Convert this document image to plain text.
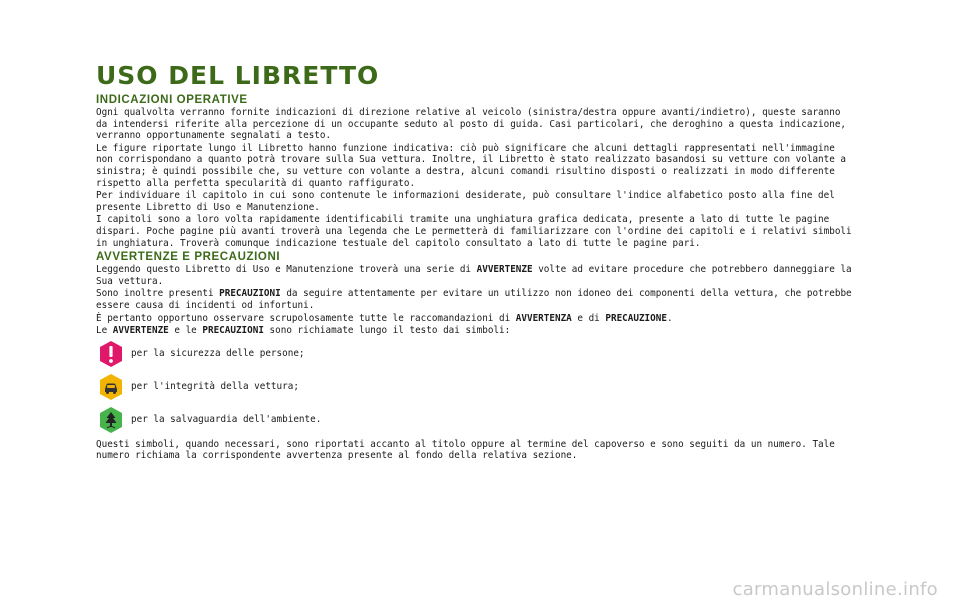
USO DEL LIBRETTO
INDICAZIONI OPERATIVE

Ogni qualvolta verranno fornite indicazioni di direzione relative al veicolo (sinistra/destra oppure avanti/indietro), queste saranno da intendersi riferite alla percezione di un occupante seduto al posto di guida. Casi particolari, che deroghino a questa indicazione, verranno opportunamente segnalati a testo.

Le figure riportate lungo il Libretto hanno funzione indicativa: ciò può significare che alcuni dettagli rappresentati nell'immagine non corrispondano a quanto potrà trovare sulla Sua vettura. Inoltre, il Libretto è stato realizzato basandosi su vetture con volante a sinistra; è quindi possibile che, su vetture con volante a destra, alcuni comandi risultino disposti o realizzati in modo differente rispetto alla perfetta specularità di quanto raffigurato.

Per individuare il capitolo in cui sono contenute le informazioni desiderate, può consultare l'indice alfabetico posto alla fine del presente Libretto di Uso e Manutenzione.

I capitoli sono a loro volta rapidamente identificabili tramite una unghiatura grafica dedicata, presente a lato di tutte le pagine dispari. Poche pagine più avanti troverà una legenda che Le permetterà di familiarizzare con l'ordine dei capitoli e i relativi simboli in unghiatura. Troverà comunque indicazione testuale del capitolo consultato a lato di tutte le pagine pari.

AVVERTENZE E PRECAUZIONI

Leggendo questo Libretto di Uso e Manutenzione troverà una serie di AVVERTENZE volte ad evitare procedure che potrebbero danneggiare la Sua vettura.

Sono inoltre presenti PRECAUZIONI da seguire attentamente per evitare un utilizzo non idoneo dei componenti della vettura, che potrebbe essere causa di incidenti od infortuni.

È pertanto opportuno osservare scrupolosamente tutte le raccomandazioni di AVVERTENZA e di PRECAUZIONE.

Le AVVERTENZE e le PRECAUZIONI sono richiamate lungo il testo dai simboli:

per la sicurezza delle persone;
per l'integrità della vettura;
per la salvaguardia dell'ambiente.

Questi simboli, quando necessari, sono riportati accanto al titolo oppure al termine del capoverso e sono seguiti da un numero. Tale numero richiama la corrispondente avvertenza presente al fondo della relativa sezione.

carmanualsonline.info
